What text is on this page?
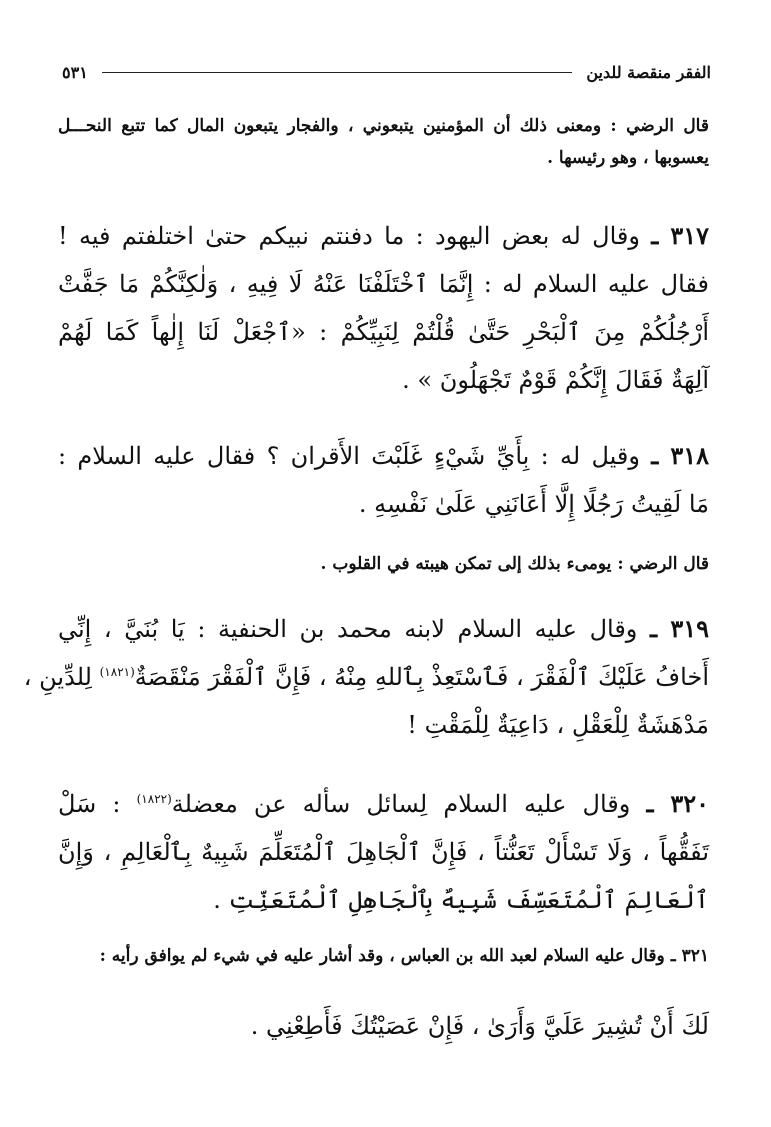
الفقر منقصة للدين
٥٣١
قال الرضي : ومعنى ذلك أن المؤمنين يتبعوني ، والفجار يتبعون المال كما تتبع النحـــل
يعسوبها ، وهو رئيسها .
٣١٧ ـ وقال له بعض اليهود : ما دفنتم نبيكم حتىٰ اختلفتم فيه !
فقال عليه السلام له : إِنَّمَا ٱخْتَلَفْنَا عَنْهُ لَا فِيهِ ، وَلٰكِنَّكُمْ مَا جَفَّتْ
أَرْجُلُكُمْ مِنَ ٱلْبَحْرِ حَتَّىٰ قُلْتُمْ لِنَبِيِّكُمْ : «ٱجْعَلْ لَنَا إِلٰهاً كَمَا لَهُمْ
آلِهَةٌ فَقَالَ إِنَّكُمْ قَوْمٌ تَجْهَلُونَ » .
٣١٨ ـ وقيل له : بِأَيِّ شَيْءٍ غَلَبْتَ الأَقران ؟ فقال عليه السلام :
مَا لَقِيتُ رَجُلًا إِلَّا أَعَانَنِي عَلَىٰ نَفْسِهِ .
قال الرضي : يومىء بذلك إلى تمكن هيبته في القلوب .
٣١٩ ـ وقال عليه السلام لابنه محمد بن الحنفية : يَا بُنَيَّ ، إِنِّي
أَخافُ عَلَيْكَ ٱلْفَقْرَ ، فَٱسْتَعِذْ بِٱللهِ مِنْهُ ، فَإِنَّ ٱلْفَقْرَ مَنْقَصَةٌ$^{(١٨٢١)}$ لِلدِّينِ ،
مَدْهَشَةٌ لِلْعَقْلِ ، دَاعِيَةٌ لِلْمَقْتِ !
٣٢٠ ـ وقال عليه السلام لِسائل سأله عن معضلة$^{(١٨٢٢)}$ : سَلْ
تَفَقُّهاً ، وَلَا تَسْأَلْ تَعَنُّتاً ، فَإِنَّ ٱلْجَاهِلَ ٱلْمُتَعَلِّمَ شَبِيهٌ بِٱلْعَالِمِ ، وَإِنَّ
ٱلْعَالِمَ ٱلْمُتَعَسِّفَ شَبِيهٌ بِٱلْجَاهِلِ ٱلْمُتَعَنِّتِ .
٣٢١ ـ وقال عليه السلام لعبد الله بن العباس ، وقد أشار عليه في شيء لم يوافق رأيه :
لَكَ أَنْ تُشِيرَ عَلَيَّ وَأَرَىٰ ، فَإِنْ عَصَيْتُكَ فَأَطِعْنِي .
